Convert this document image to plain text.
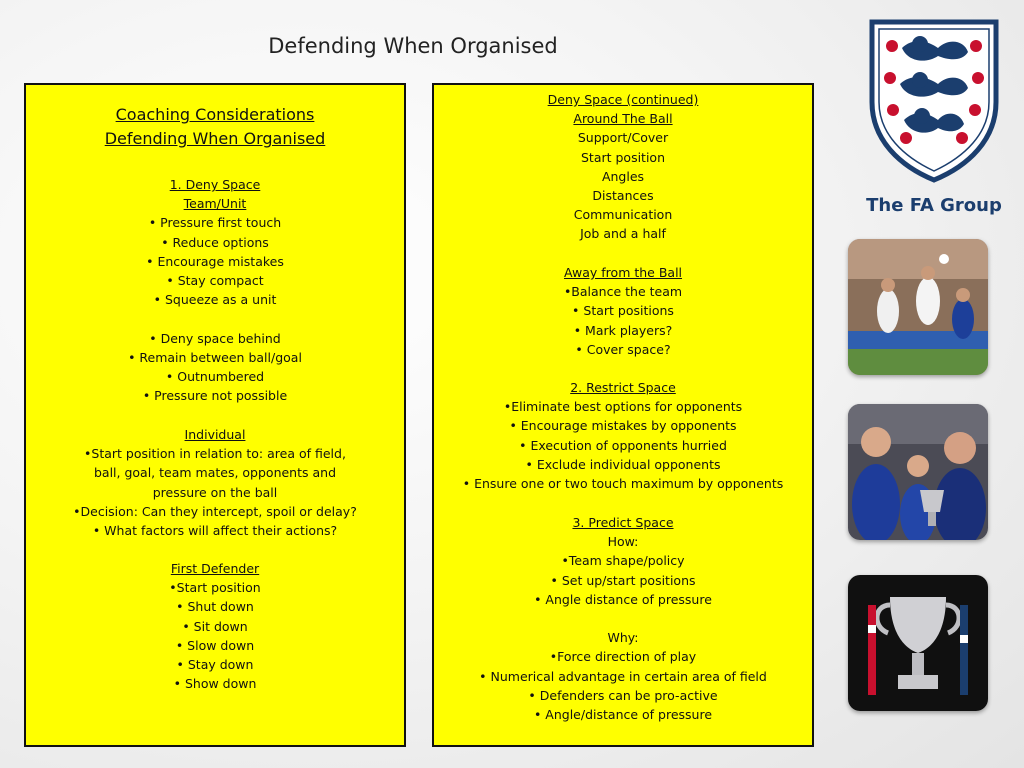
Defending When Organised

Coaching Considerations

Defending When Organised

1. Deny Space

Team/Unit

• Pressure first touch

• Reduce options

• Encourage mistakes

• Stay compact

• Squeeze as a unit

• Deny space behind

• Remain between ball/goal

• Outnumbered

• Pressure not possible

Individual

•Start position in relation to: area of field,

ball, goal, team mates, opponents and

pressure on the ball

•Decision: Can they intercept, spoil or delay?

• What factors will affect their actions?

First Defender

•Start position

• Shut down

• Sit down

• Slow down

• Stay down

• Show down

Deny Space (continued)

Around The Ball

Support/Cover

Start position

Angles

Distances

Communication

Job and a half

Away from the Ball

•Balance the team

• Start positions

• Mark players?

• Cover space?

2. Restrict Space

•Eliminate best options for opponents

• Encourage mistakes by opponents

• Execution of opponents hurried

• Exclude individual opponents

• Ensure one or two touch maximum by opponents

3. Predict Space

How:

•Team shape/policy

• Set up/start positions

• Angle distance of pressure

Why:

•Force direction of play

• Numerical advantage in certain area of field

• Defenders can be pro-active

• Angle/distance of pressure

The FA Group
